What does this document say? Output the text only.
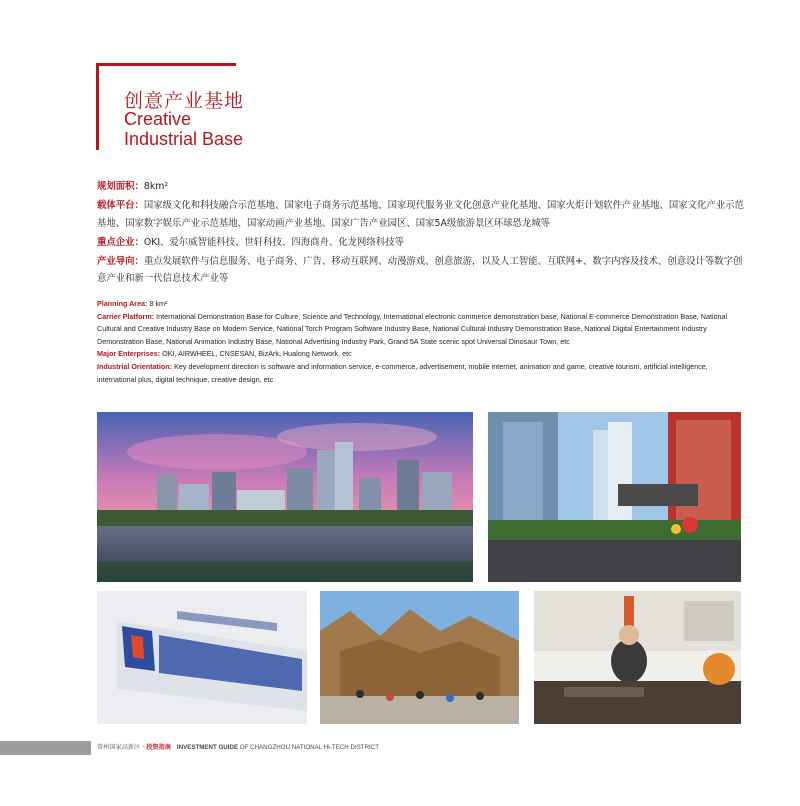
创意产业基地
Creative
Industrial Base

规划面积：8km²

载体平台：国家级文化和科技融合示范基地、国家电子商务示范基地、国家现代服务业文化创意产业化基地、国家火炬计划软件产业基地、国家文化产业示范基地、国家数字娱乐产业示范基地、国家动画产业基地、国家广告产业园区、国家5A级旅游景区环球恐龙城等

重点企业：OKI、爱尔威智能科技、世轩科技、四海商舟、化龙网络科技等

产业导向：重点发展软件与信息服务、电子商务、广告、移动互联网、动漫游戏、创意旅游，以及人工智能、互联网+、数字内容及技术、创意设计等数字创意产业和新一代信息技术产业等

Planning Area: 8 km²

Carrier Platform: International Demonstration Base for Culture, Science and Technology, International electronic commerce demonstration base, National E-commerce Demonstration Base, National Cultural and Creative Industry Base on Modern Service, National Torch Program Software Industry Base, National Cultural Industry Demonstration Base, National Digital Entertainment Industry Demonstration Base, National Animation Industry Base, National Advertising Industry Park, Grand 5A State scenic spot Universal Dinosaur Town, etc

Major Enterprises: OKI, AIRWHEEL, CNSESAN, BizArk, Hualong Network, etc

Industrial Orientation: Key development direction is software and information service, e-commerce, advertisement, mobile internet, animation and game, creative tourism, artificial intelligence, international plus, digital technique, creative design, etc

常州国家高新区 · 投资指南 INVESTMENT GUIDE OF CHANGZHOU NATIONAL HI-TECH DISTRICT
